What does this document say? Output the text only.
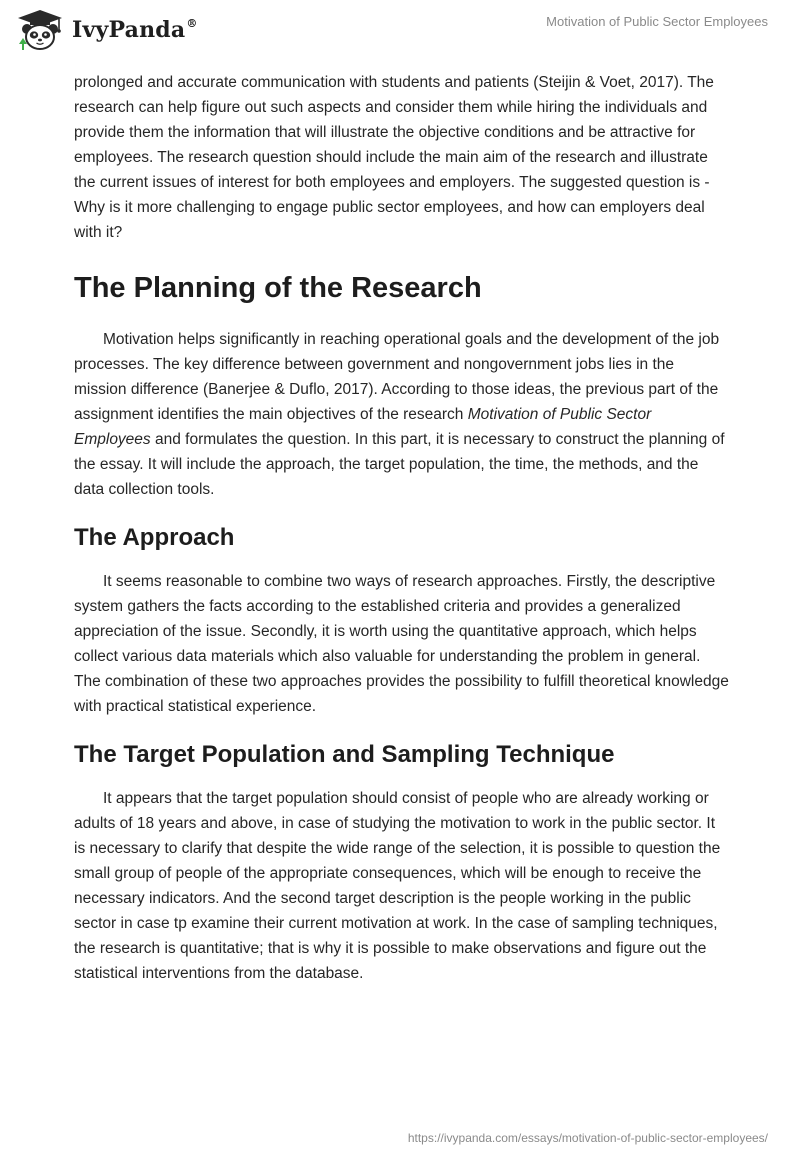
IvyPanda®	Motivation of Public Sector Employees

prolonged and accurate communication with students and patients (Steijin & Voet, 2017). The research can help figure out such aspects and consider them while hiring the individuals and provide them the information that will illustrate the objective conditions and be attractive for employees. The research question should include the main aim of the research and illustrate the current issues of interest for both employees and employers. The suggested question is - Why is it more challenging to engage public sector employees, and how can employers deal with it?

The Planning of the Research

Motivation helps significantly in reaching operational goals and the development of the job processes. The key difference between government and nongovernment jobs lies in the mission difference (Banerjee & Duflo, 2017). According to those ideas, the previous part of the assignment identifies the main objectives of the research Motivation of Public Sector Employees and formulates the question. In this part, it is necessary to construct the planning of the essay. It will include the approach, the target population, the time, the methods, and the data collection tools.

The Approach

It seems reasonable to combine two ways of research approaches. Firstly, the descriptive system gathers the facts according to the established criteria and provides a generalized appreciation of the issue. Secondly, it is worth using the quantitative approach, which helps collect various data materials which also valuable for understanding the problem in general. The combination of these two approaches provides the possibility to fulfill theoretical knowledge with practical statistical experience.

The Target Population and Sampling Technique

It appears that the target population should consist of people who are already working or adults of 18 years and above, in case of studying the motivation to work in the public sector. It is necessary to clarify that despite the wide range of the selection, it is possible to question the small group of people of the appropriate consequences, which will be enough to receive the necessary indicators. And the second target description is the people working in the public sector in case tp examine their current motivation at work. In the case of sampling techniques, the research is quantitative; that is why it is possible to make observations and figure out the statistical interventions from the database.

https://ivypanda.com/essays/motivation-of-public-sector-employees/
